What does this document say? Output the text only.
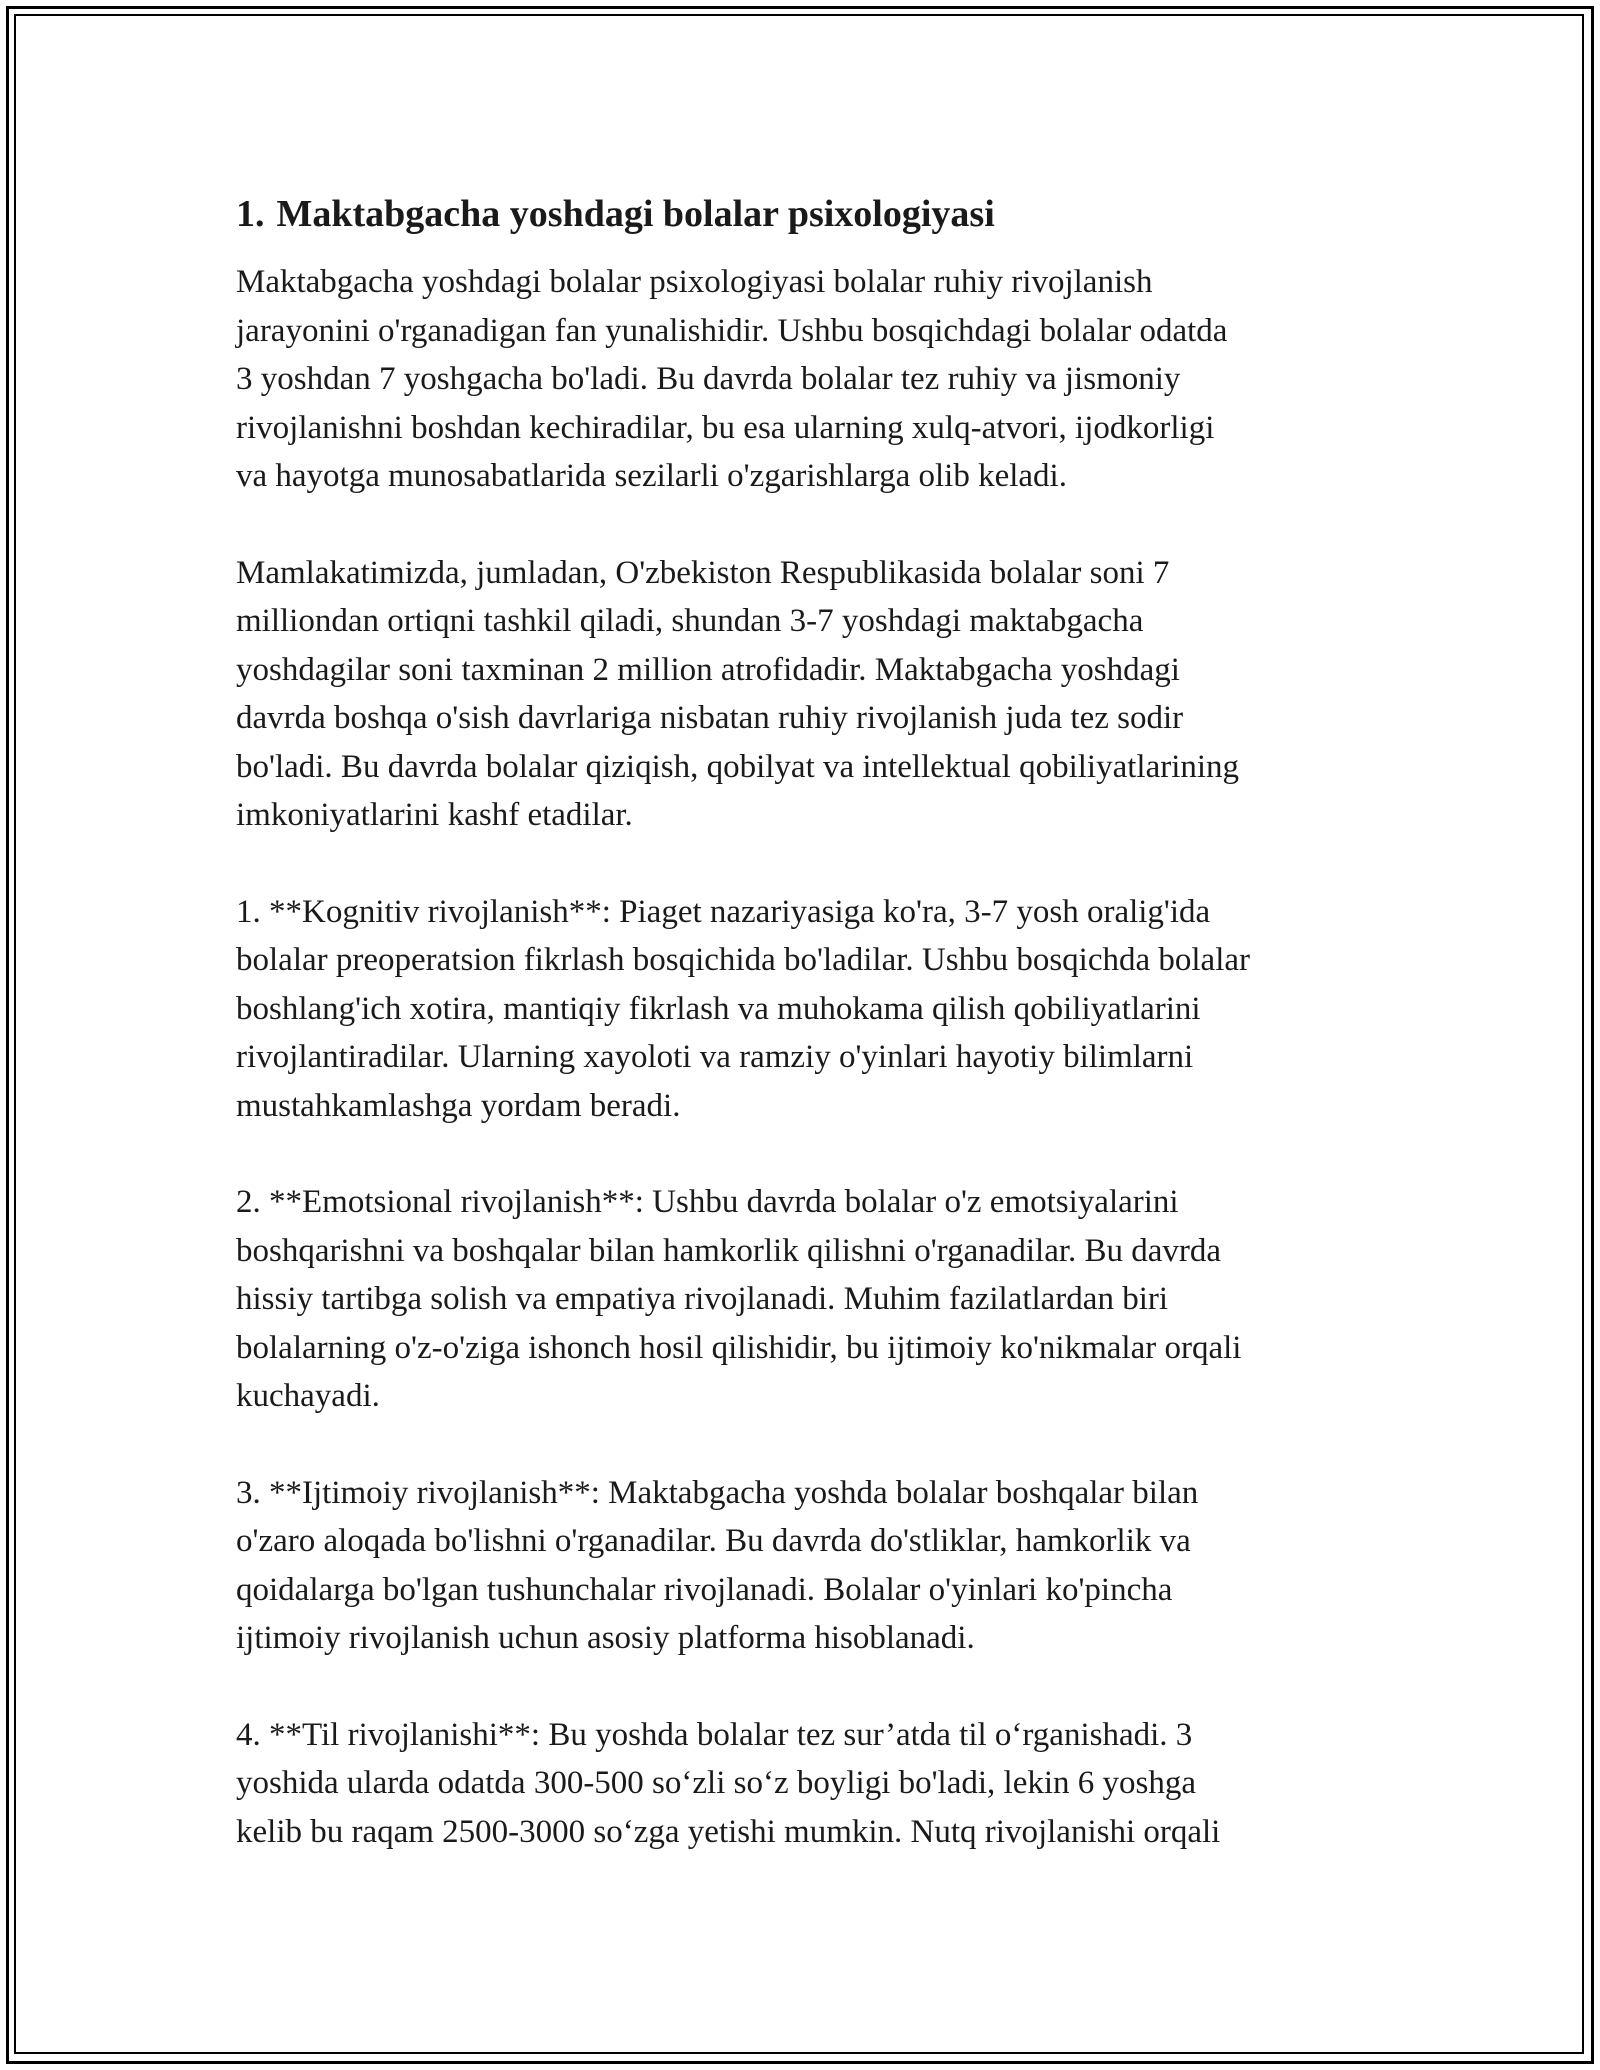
1. Maktabgacha yoshdagi bolalar psixologiyasi

Maktabgacha yoshdagi bolalar psixologiyasi bolalar ruhiy rivojlanish
jarayonini o'rganadigan fan yunalishidir. Ushbu bosqichdagi bolalar odatda
3 yoshdan 7 yoshgacha bo'ladi. Bu davrda bolalar tez ruhiy va jismoniy
rivojlanishni boshdan kechiradilar, bu esa ularning xulq-atvori, ijodkorligi
va hayotga munosabatlarida sezilarli o'zgarishlarga olib keladi.

Mamlakatimizda, jumladan, O'zbekiston Respublikasida bolalar soni 7
milliondan ortiqni tashkil qiladi, shundan 3-7 yoshdagi maktabgacha
yoshdagilar soni taxminan 2 million atrofidadir. Maktabgacha yoshdagi
davrda boshqa o'sish davrlariga nisbatan ruhiy rivojlanish juda tez sodir
bo'ladi. Bu davrda bolalar qiziqish, qobilyat va intellektual qobiliyatlarining
imkoniyatlarini kashf etadilar.

1. **Kognitiv rivojlanish**: Piaget nazariyasiga ko'ra, 3-7 yosh oralig'ida
bolalar preoperatsion fikrlash bosqichida bo'ladilar. Ushbu bosqichda bolalar
boshlang'ich xotira, mantiqiy fikrlash va muhokama qilish qobiliyatlarini
rivojlantiradilar. Ularning xayoloti va ramziy o'yinlari hayotiy bilimlarni
mustahkamlashga yordam beradi.

2. **Emotsional rivojlanish**: Ushbu davrda bolalar o'z emotsiyalarini
boshqarishni va boshqalar bilan hamkorlik qilishni o'rganadilar. Bu davrda
hissiy tartibga solish va empatiya rivojlanadi. Muhim fazilatlardan biri
bolalarning o'z-o'ziga ishonch hosil qilishidir, bu ijtimoiy ko'nikmalar orqali
kuchayadi.

3. **Ijtimoiy rivojlanish**: Maktabgacha yoshda bolalar boshqalar bilan
o'zaro aloqada bo'lishni o'rganadilar. Bu davrda do'stliklar, hamkorlik va
qoidalarga bo'lgan tushunchalar rivojlanadi. Bolalar o'yinlari ko'pincha
ijtimoiy rivojlanish uchun asosiy platforma hisoblanadi.

4. **Til rivojlanishi**: Bu yoshda bolalar tez sur’atda til o‘rganishadi. 3
yoshida ularda odatda 300-500 so‘zli so‘z boyligi bo'ladi, lekin 6 yoshga
kelib bu raqam 2500-3000 so‘zga yetishi mumkin. Nutq rivojlanishi orqali
